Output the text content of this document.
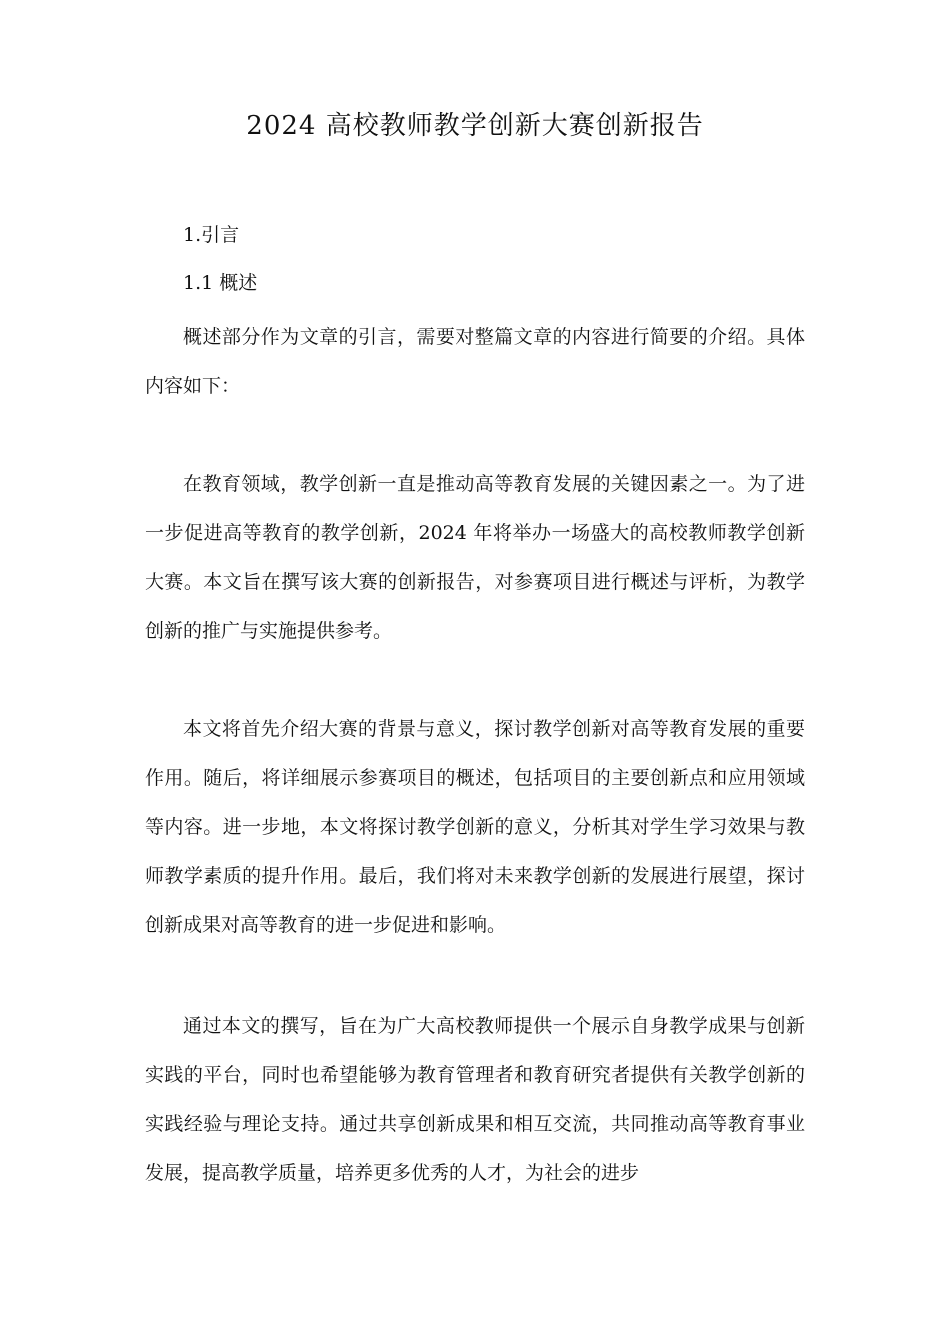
2024 高校教师教学创新大赛创新报告
1.引言
1.1 概述

概述部分作为文章的引言，需要对整篇文章的内容进行简要的介绍。具体内容如下：

在教育领域，教学创新一直是推动高等教育发展的关键因素之一。为了进一步促进高等教育的教学创新，2024 年将举办一场盛大的高校教师教学创新大赛。本文旨在撰写该大赛的创新报告，对参赛项目进行概述与评析，为教学创新的推广与实施提供参考。

本文将首先介绍大赛的背景与意义，探讨教学创新对高等教育发展的重要作用。随后，将详细展示参赛项目的概述，包括项目的主要创新点和应用领域等内容。进一步地，本文将探讨教学创新的意义，分析其对学生学习效果与教师教学素质的提升作用。最后，我们将对未来教学创新的发展进行展望，探讨创新成果对高等教育的进一步促进和影响。

通过本文的撰写，旨在为广大高校教师提供一个展示自身教学成果与创新实践的平台，同时也希望能够为教育管理者和教育研究者提供有关教学创新的实践经验与理论支持。通过共享创新成果和相互交流，共同推动高等教育事业发展，提高教学质量，培养更多优秀的人才，为社会的进步
